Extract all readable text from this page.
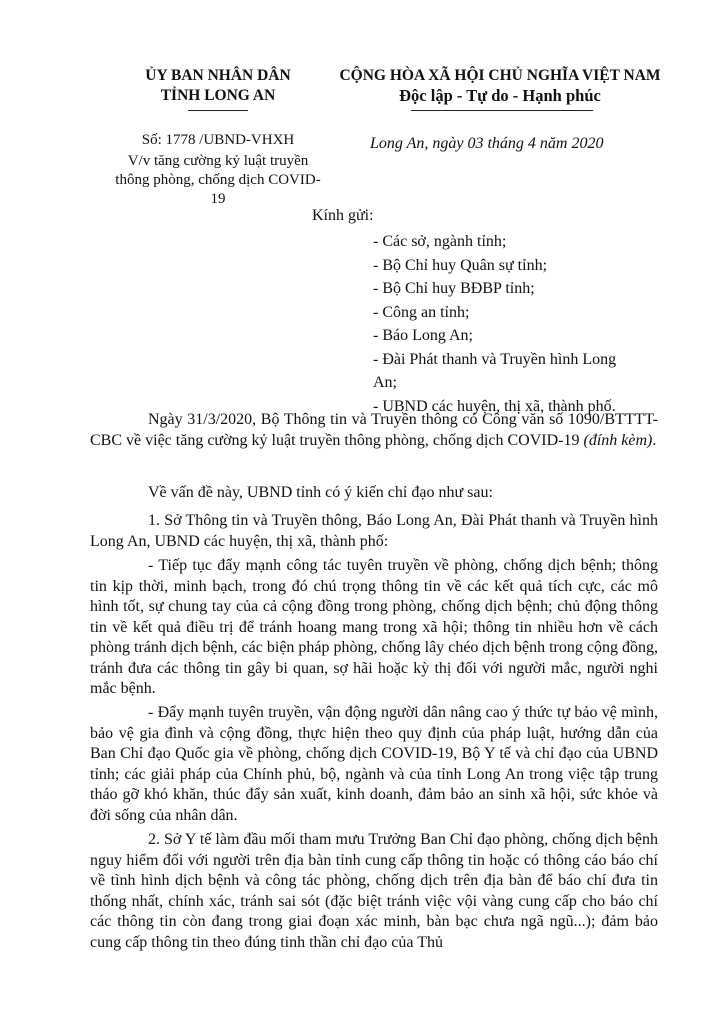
ỦY BAN NHÂN DÂN
TỈNH LONG AN
CỘNG HÒA XÃ HỘI CHỦ NGHĨA VIỆT NAM
Độc lập - Tự do - Hạnh phúc
Số: 1778 /UBND-VHXH
V/v tăng cường kỷ luật truyền
thông phòng, chống dịch COVID-
19
Long An, ngày 03 tháng 4 năm 2020
Kính gửi:
- Các sở, ngành tỉnh;
- Bộ Chỉ huy Quân sự tỉnh;
- Bộ Chỉ huy BĐBP tỉnh;
- Công an tỉnh;
- Báo Long An;
- Đài Phát thanh và Truyền hình Long
An;
- UBND các huyện, thị xã, thành phố.
Ngày 31/3/2020, Bộ Thông tin và Truyền thông có Công văn số 1090/BTTTT-CBC về việc tăng cường kỷ luật truyền thông phòng, chống dịch COVID-19 (đính kèm).
Về vấn đề này, UBND tỉnh có ý kiến chỉ đạo như sau:
1. Sở Thông tin và Truyền thông, Báo Long An, Đài Phát thanh và Truyền hình Long An, UBND các huyện, thị xã, thành phố:
- Tiếp tục đẩy mạnh công tác tuyên truyền về phòng, chống dịch bệnh; thông tin kịp thời, minh bạch, trong đó chú trọng thông tin về các kết quả tích cực, các mô hình tốt, sự chung tay của cả cộng đồng trong phòng, chống dịch bệnh; chủ động thông tin về kết quả điều trị để tránh hoang mang trong xã hội; thông tin nhiều hơn về cách phòng tránh dịch bệnh, các biện pháp phòng, chống lây chéo dịch bệnh trong cộng đồng, tránh đưa các thông tin gây bi quan, sợ hãi hoặc kỳ thị đối với người mắc, người nghi mắc bệnh.
- Đẩy mạnh tuyên truyền, vận động người dân nâng cao ý thức tự bảo vệ mình, bảo vệ gia đình và cộng đồng, thực hiện theo quy định của pháp luật, hướng dẫn của Ban Chỉ đạo Quốc gia về phòng, chống dịch COVID-19, Bộ Y tế và chỉ đạo của UBND tỉnh; các giải pháp của Chính phủ, bộ, ngành và của tỉnh Long An trong việc tập trung tháo gỡ khó khăn, thúc đẩy sản xuất, kinh doanh, đảm bảo an sinh xã hội, sức khỏe và đời sống của nhân dân.
2. Sở Y tế làm đầu mối tham mưu Trưởng Ban Chỉ đạo phòng, chống dịch bệnh nguy hiểm đối với người trên địa bàn tỉnh cung cấp thông tin hoặc có thông cáo báo chí về tình hình dịch bệnh và công tác phòng, chống dịch trên địa bàn để báo chí đưa tin thống nhất, chính xác, tránh sai sót (đặc biệt tránh việc vội vàng cung cấp cho báo chí các thông tin còn đang trong giai đoạn xác minh, bàn bạc chưa ngã ngũ...); đảm bảo cung cấp thông tin theo đúng tinh thần chỉ đạo của Thủ
